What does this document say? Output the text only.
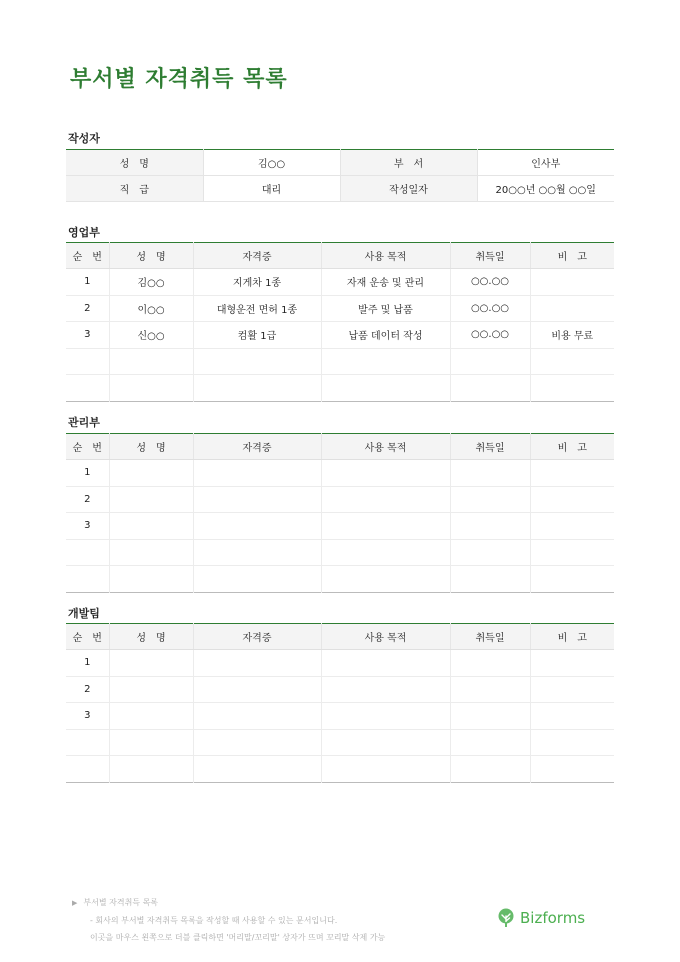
부서별 자격취득 목록
작성자
성　명	김○○	부　서	인사부
직　급	대리	작성일자	20○○년 ○○월 ○○일
영업부
순　번	성　명	자격증	사용 목적	취득일	비　고
1	김○○	지게차 1종	자재 운송 및 관리	○○.○○	
2	이○○	대형운전 면허 1종	발주 및 납품	○○.○○	
3	신○○	컴활 1급	납품 데이터 작성	○○.○○	비용 무료

관리부
순　번	성　명	자격증	사용 목적	취득일	비　고
1					
2					
3					

개발팀
순　번	성　명	자격증	사용 목적	취득일	비　고
1					
2					
3					

▶ 부서별 자격취득 목록
- 회사의 부서별 자격취득 목록을 작성할 때 사용할 수 있는 문서입니다.
이곳을 마우스 왼쪽으로 더블 클릭하면 '머리말/꼬리말' 상자가 뜨며 꼬리말 삭제 가능
Bizforms
